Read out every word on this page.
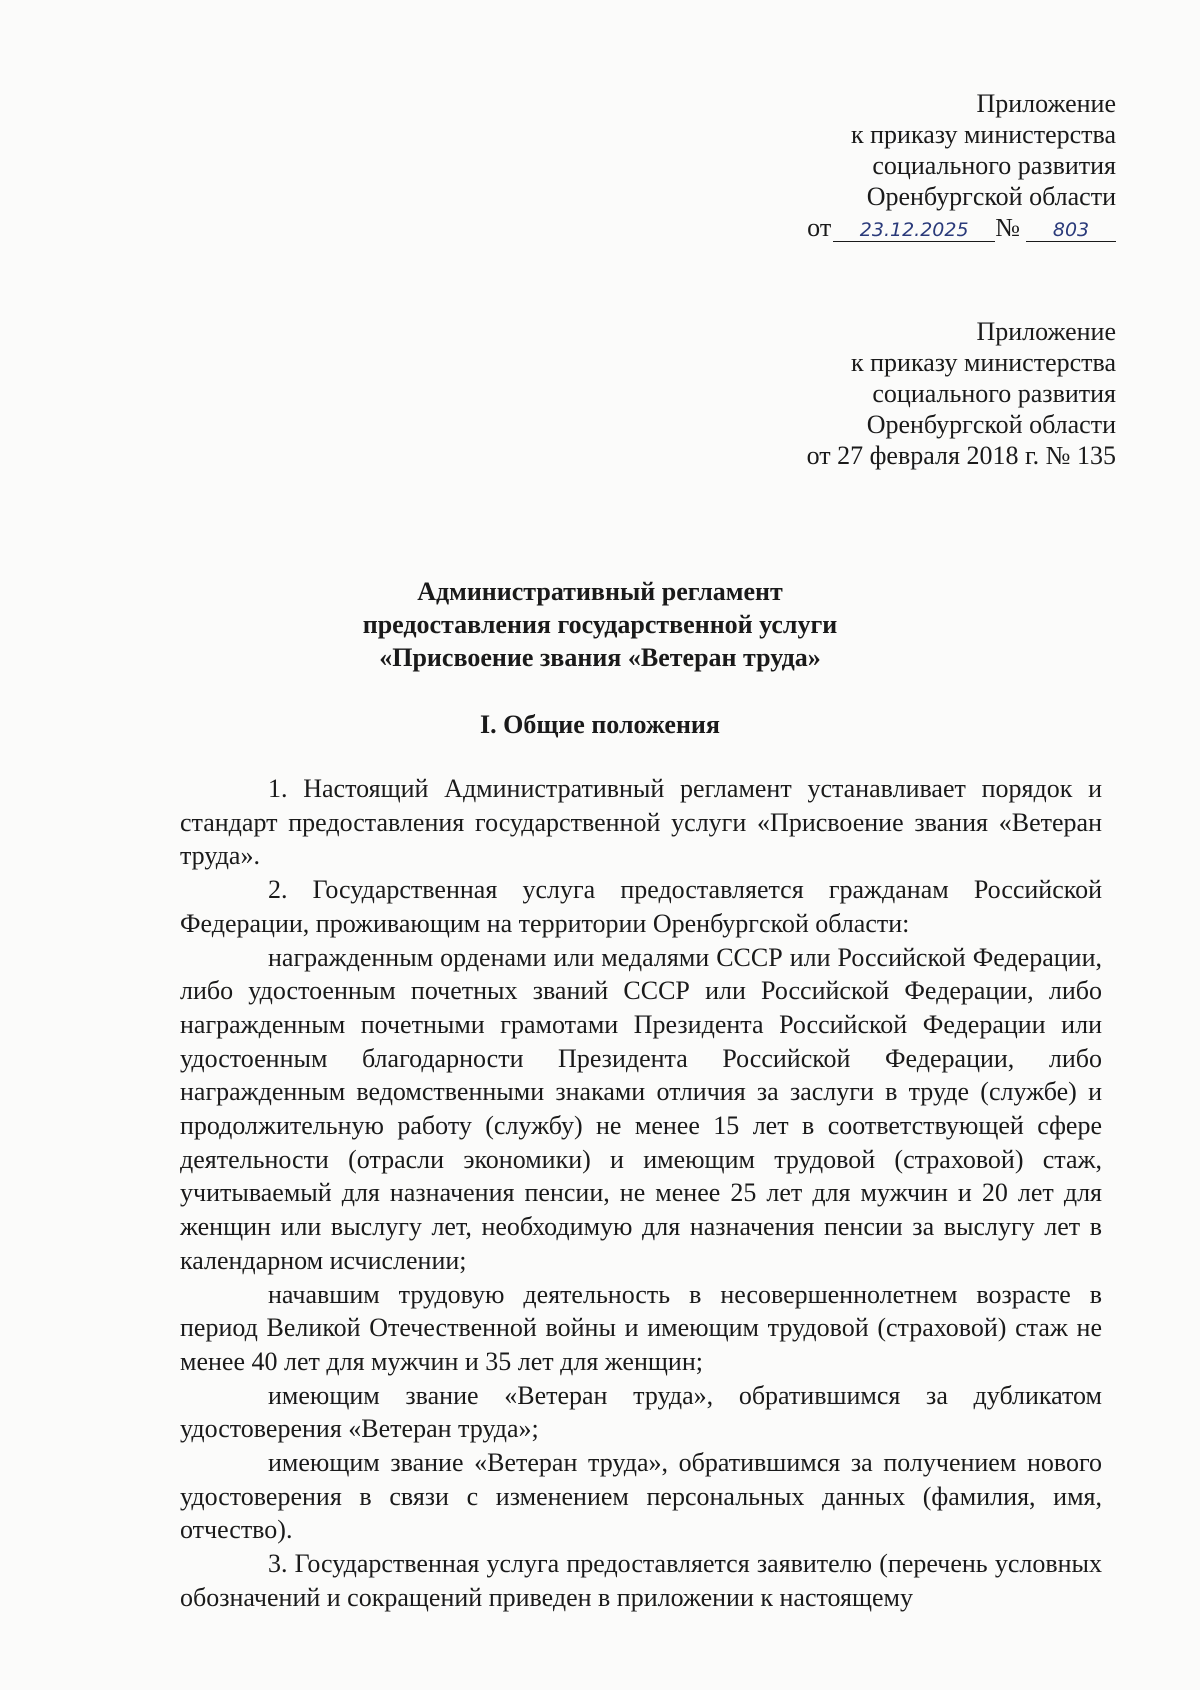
Приложение
к приказу министерства
социального развития
Оренбургской области
от	23.12.2025	№	803
Приложение
к приказу министерства
социального развития
Оренбургской области
от 27 февраля 2018 г. № 135
Административный регламент
предоставления государственной услуги
«Присвоение звания «Ветеран труда»
I. Общие положения

1. Настоящий Административный регламент устанавливает порядок и стандарт предоставления государственной услуги «Присвоение звания «Ветеран труда».

2. Государственная услуга предоставляется гражданам Российской Федерации, проживающим на территории Оренбургской области:

награжденным орденами или медалями СССР или Российской Федерации, либо удостоенным почетных званий СССР или Российской Федерации, либо награжденным почетными грамотами Президента Российской Федерации или удостоенным благодарности Президента Российской Федерации, либо награжденным ведомственными знаками отличия за заслуги в труде (службе) и продолжительную работу (службу) не менее 15 лет в соответствующей сфере деятельности (отрасли экономики) и имеющим трудовой (страховой) стаж, учитываемый для назначения пенсии, не менее 25 лет для мужчин и 20 лет для женщин или выслугу лет, необходимую для назначения пенсии за выслугу лет в календарном исчислении;

начавшим трудовую деятельность в несовершеннолетнем возрасте в период Великой Отечественной войны и имеющим трудовой (страховой) стаж не менее 40 лет для мужчин и 35 лет для женщин;

имеющим звание «Ветеран труда», обратившимся за дубликатом удостоверения «Ветеран труда»;

имеющим звание «Ветеран труда», обратившимся за получением нового удостоверения в связи с изменением персональных данных (фамилия, имя, отчество).

3. Государственная услуга предоставляется заявителю (перечень условных обозначений и сокращений приведен в приложении к настоящему
